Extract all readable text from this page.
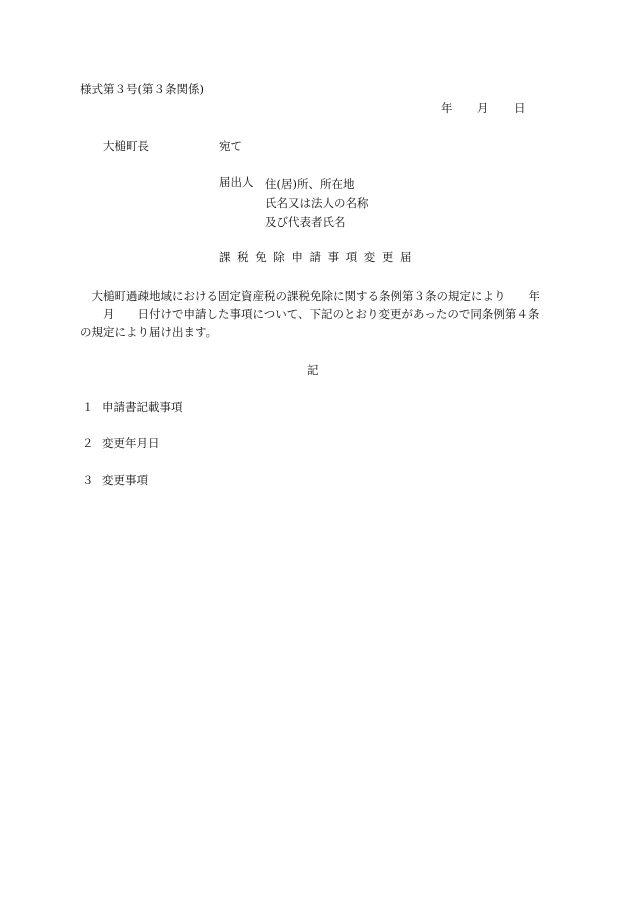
様式第３号(第３条関係)
年 月 日
大槌町長	宛て
届出人 住(居)所、所在地
氏名又は法人の名称
及び代表者氏名
課税免除申請事項変更届
　大槌町過疎地域における固定資産税の課税免除に関する条例第３条の規定により　　年
　　月　　日付けで申請した事項について、下記のとおり変更があったので同条例第４条
の規定により届け出ます。
記
１ 申請書記載事項
２ 変更年月日
３ 変更事項
